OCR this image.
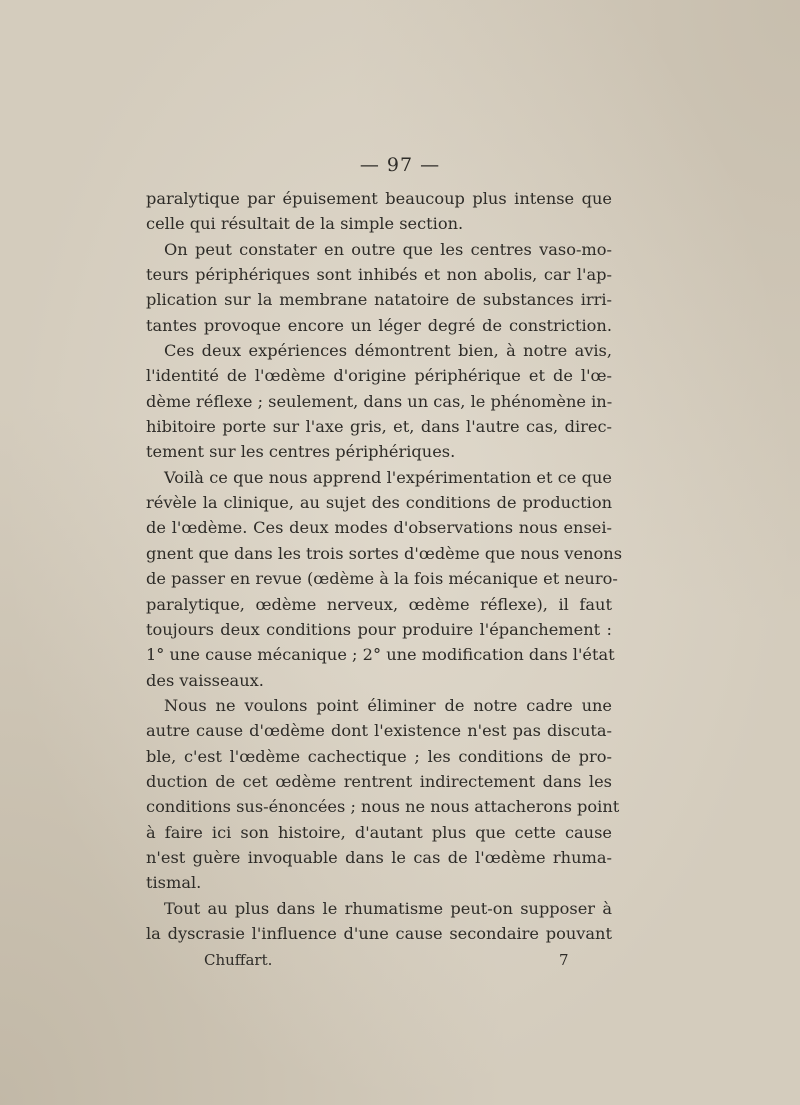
— 97 —
paralytique par épuisement beaucoup plus intense que
celle qui résultait de la simple section.
On peut constater en outre que les centres vaso-mo-
teurs périphériques sont inhibés et non abolis, car l'ap-
plication sur la membrane natatoire de substances irri-
tantes provoque encore un léger degré de constriction.
Ces deux expériences démontrent bien, à notre avis,
l'identité de l'œdème d'origine périphérique et de l'œ-
dème réflexe ; seulement, dans un cas, le phénomène in-
hibitoire porte sur l'axe gris, et, dans l'autre cas, direc-
tement sur les centres périphériques.
Voilà ce que nous apprend l'expérimentation et ce que
révèle la clinique, au sujet des conditions de production
de l'œdème. Ces deux modes d'observations nous ensei-
gnent que dans les trois sortes d'œdème que nous venons
de passer en revue (œdème à la fois mécanique et neuro-
paralytique, œdème nerveux, œdème réflexe), il faut
toujours deux conditions pour produire l'épanchement :
1° une cause mécanique ; 2° une modification dans l'état
des vaisseaux.
Nous ne voulons point éliminer de notre cadre une
autre cause d'œdème dont l'existence n'est pas discuta-
ble, c'est l'œdème cachectique ; les conditions de pro-
duction de cet œdème rentrent indirectement dans les
conditions sus-énoncées ; nous ne nous attacherons point
à faire ici son histoire, d'autant plus que cette cause
n'est guère invoquable dans le cas de l'œdème rhuma-
tismal.
Tout au plus dans le rhumatisme peut-on supposer à
la dyscrasie l'influence d'une cause secondaire pouvant
Chuffart.	7
